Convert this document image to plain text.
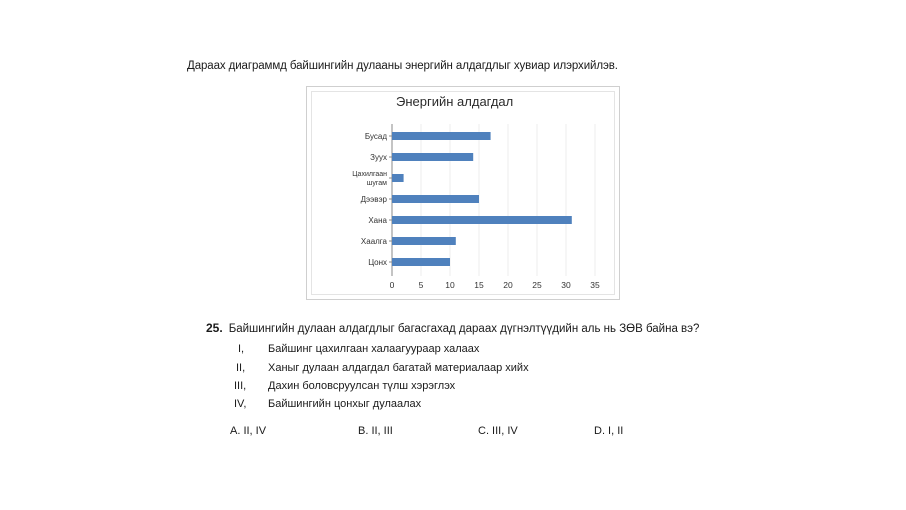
Дараах диаграммд байшингийн дулааны энергийн алдагдлыг хувиар илэрхийлэв.
Бусад
Зуух
Цахилгаан
шугам
Дээвэр
Хана
Хаалга
Цонх
0	5	10 15 20 25 30 35
Энергийн алдагдал
25. Байшингийн дулаан алдагдлыг багасгахад дараах дүгнэлтүүдийн аль нь ЗӨВ байна вэ?
I,	Байшинг цахилгаан халаагуураар халаах
II,	Ханыг дулаан алдагдал багатай материалаар хийх
III,	Дахин боловсруулсан түлш хэрэглэх
IV,	Байшингийн цонхыг дулаалах
A. II, IV	B. II, III	C. III, IV	D. I, II
